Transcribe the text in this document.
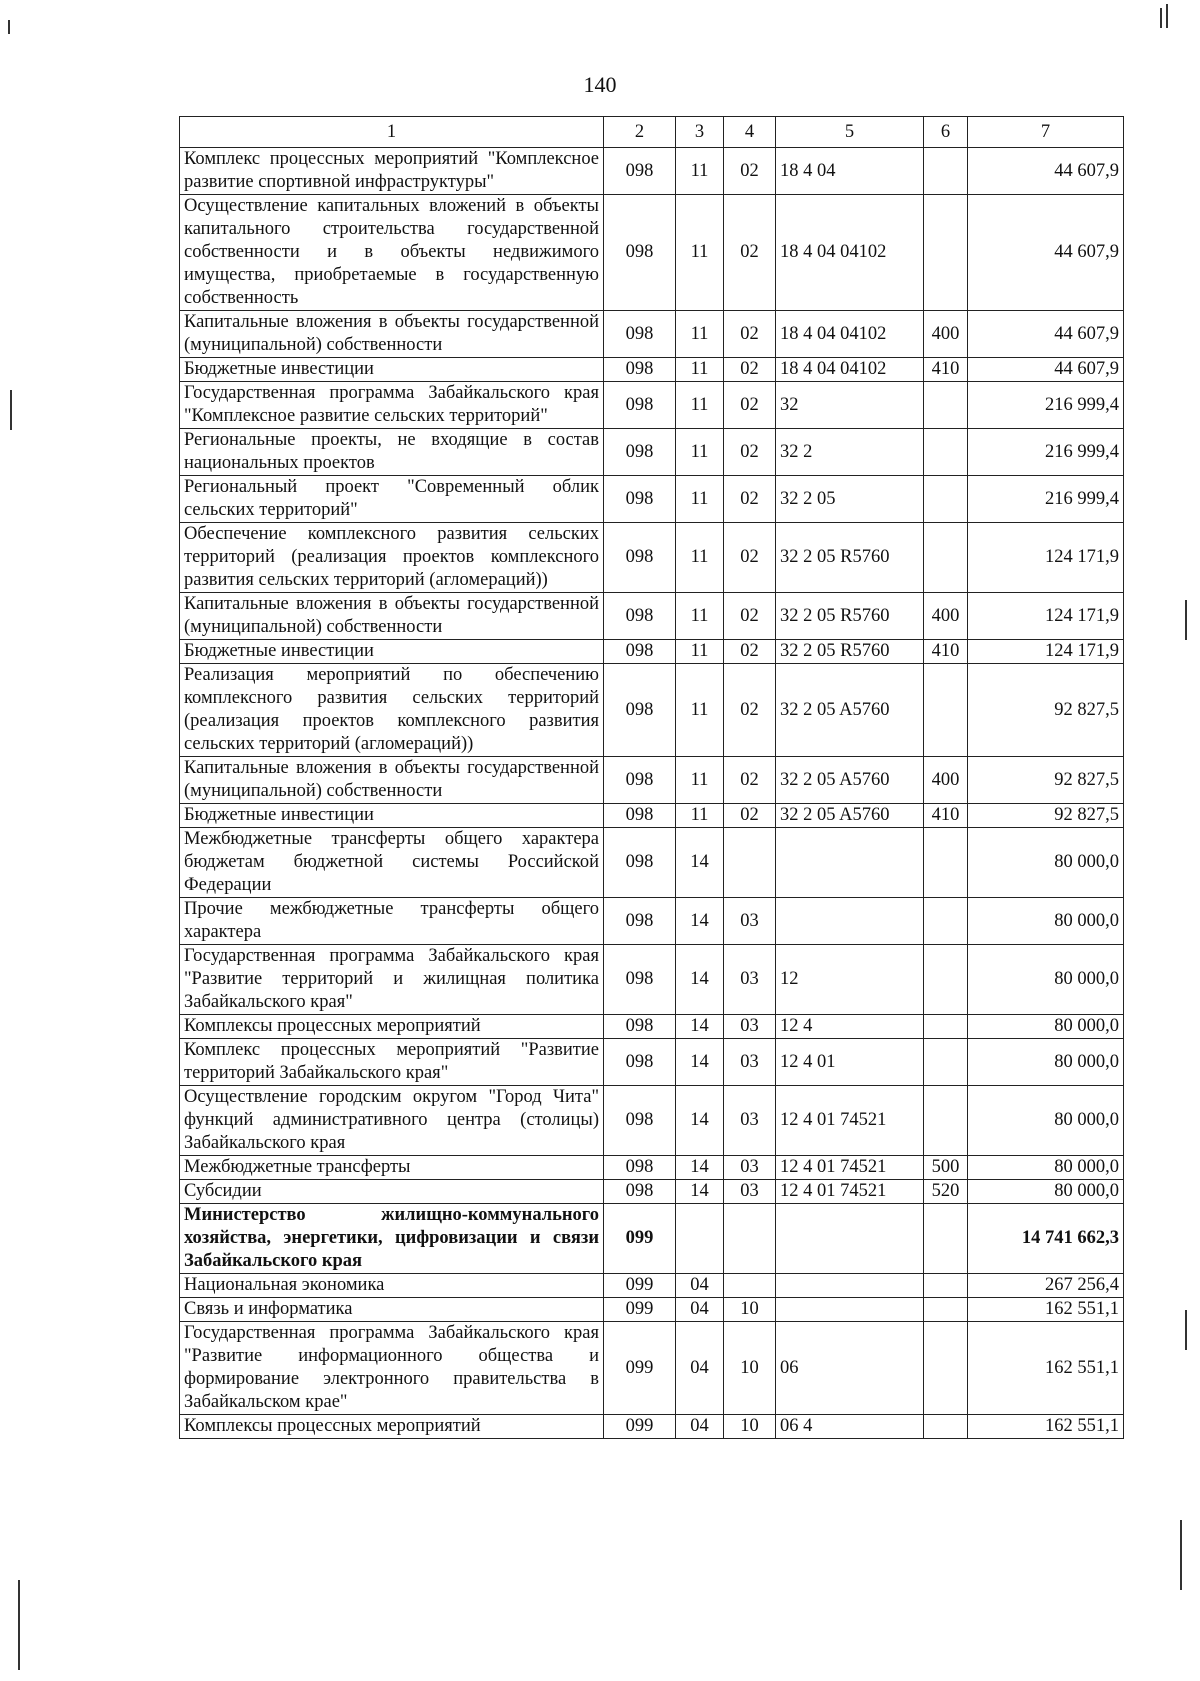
140
1	2	3	4	5	6	7
Комплекс процессных мероприятий "Комплексное развитие спортивной инфраструктуры"	098	11	02	18 4 04		44 607,9
Осуществление капитальных вложений в объекты капитального строительства государственной собственности и в объекты недвижимого имущества, приобретаемые в государственную собственность	098	11	02	18 4 04 04102		44 607,9
Капитальные вложения в объекты государственной (муниципальной) собственности	098	11	02	18 4 04 04102	400	44 607,9
Бюджетные инвестиции	098	11	02	18 4 04 04102	410	44 607,9
Государственная программа Забайкальского края "Комплексное развитие сельских территорий"	098	11	02	32		216 999,4
Региональные проекты, не входящие в состав национальных проектов	098	11	02	32 2		216 999,4
Региональный проект "Современный облик сельских территорий"	098	11	02	32 2 05		216 999,4
Обеспечение комплексного развития сельских территорий (реализация проектов комплексного развития сельских территорий (агломераций))	098	11	02	32 2 05 R5760		124 171,9
Капитальные вложения в объекты государственной (муниципальной) собственности	098	11	02	32 2 05 R5760	400	124 171,9
Бюджетные инвестиции	098	11	02	32 2 05 R5760	410	124 171,9
Реализация мероприятий по обеспечению комплексного развития сельских территорий (реализация проектов комплексного развития сельских территорий (агломераций))	098	11	02	32 2 05 A5760		92 827,5
Капитальные вложения в объекты государственной (муниципальной) собственности	098	11	02	32 2 05 A5760	400	92 827,5
Бюджетные инвестиции	098	11	02	32 2 05 A5760	410	92 827,5
Межбюджетные трансферты общего характера бюджетам бюджетной системы Российской Федерации	098	14				80 000,0
Прочие межбюджетные трансферты общего характера	098	14	03			80 000,0
Государственная программа Забайкальского края "Развитие территорий и жилищная политика Забайкальского края"	098	14	03	12		80 000,0
Комплексы процессных мероприятий	098	14	03	12 4		80 000,0
Комплекс процессных мероприятий "Развитие территорий Забайкальского края"	098	14	03	12 4 01		80 000,0
Осуществление городским округом "Город Чита" функций административного центра (столицы) Забайкальского края	098	14	03	12 4 01 74521		80 000,0
Межбюджетные трансферты	098	14	03	12 4 01 74521	500	80 000,0
Субсидии	098	14	03	12 4 01 74521	520	80 000,0
Министерство жилищно-коммунального хозяйства, энергетики, цифровизации и связи Забайкальского края	099					14 741 662,3
Национальная экономика	099	04				267 256,4
Связь и информатика	099	04	10			162 551,1
Государственная программа Забайкальского края "Развитие информационного общества и формирование электронного правительства в Забайкальском крае"	099	04	10	06		162 551,1
Комплексы процессных мероприятий	099	04	10	06 4		162 551,1
